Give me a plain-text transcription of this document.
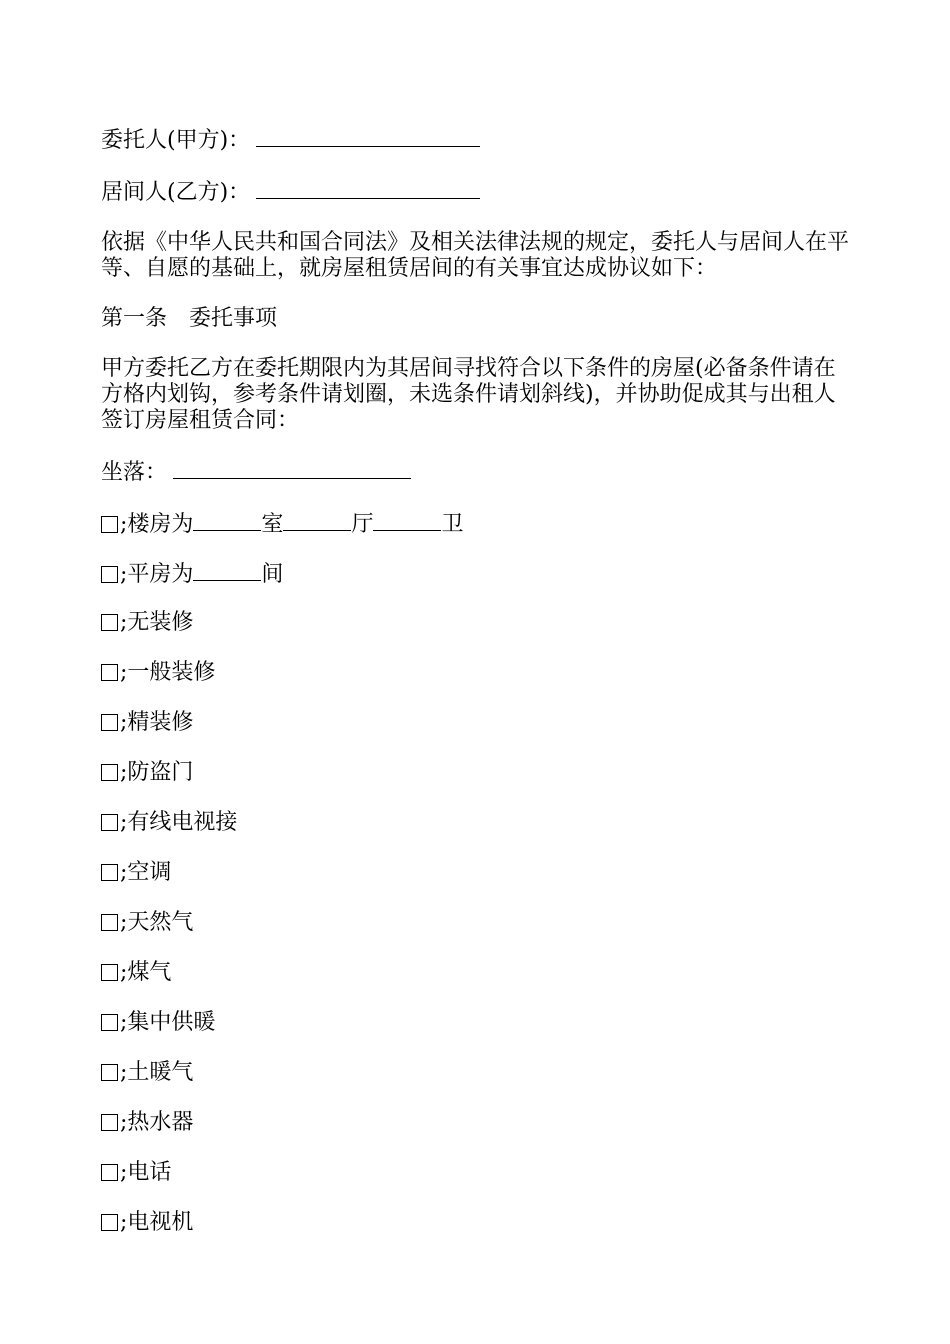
委托人(甲方)：

居间人(乙方)：

依据《中华人民共和国合同法》及相关法律法规的规定，委托人与居间人在平等、自愿的基础上，就房屋租赁居间的有关事宜达成协议如下：

第一条　委托事项

甲方委托乙方在委托期限内为其居间寻找符合以下条件的房屋(必备条件请在方格内划钩，参考条件请划圈，未选条件请划斜线)，并协助促成其与出租人签订房屋租赁合同：

坐落：

;楼房为	室	厅	卫
;平房为	间
;无装修
;一般装修
;精装修
;防盗门
;有线电视接
;空调
;天然气
;煤气
;集中供暖
;土暖气
;热水器
;电话
;电视机
